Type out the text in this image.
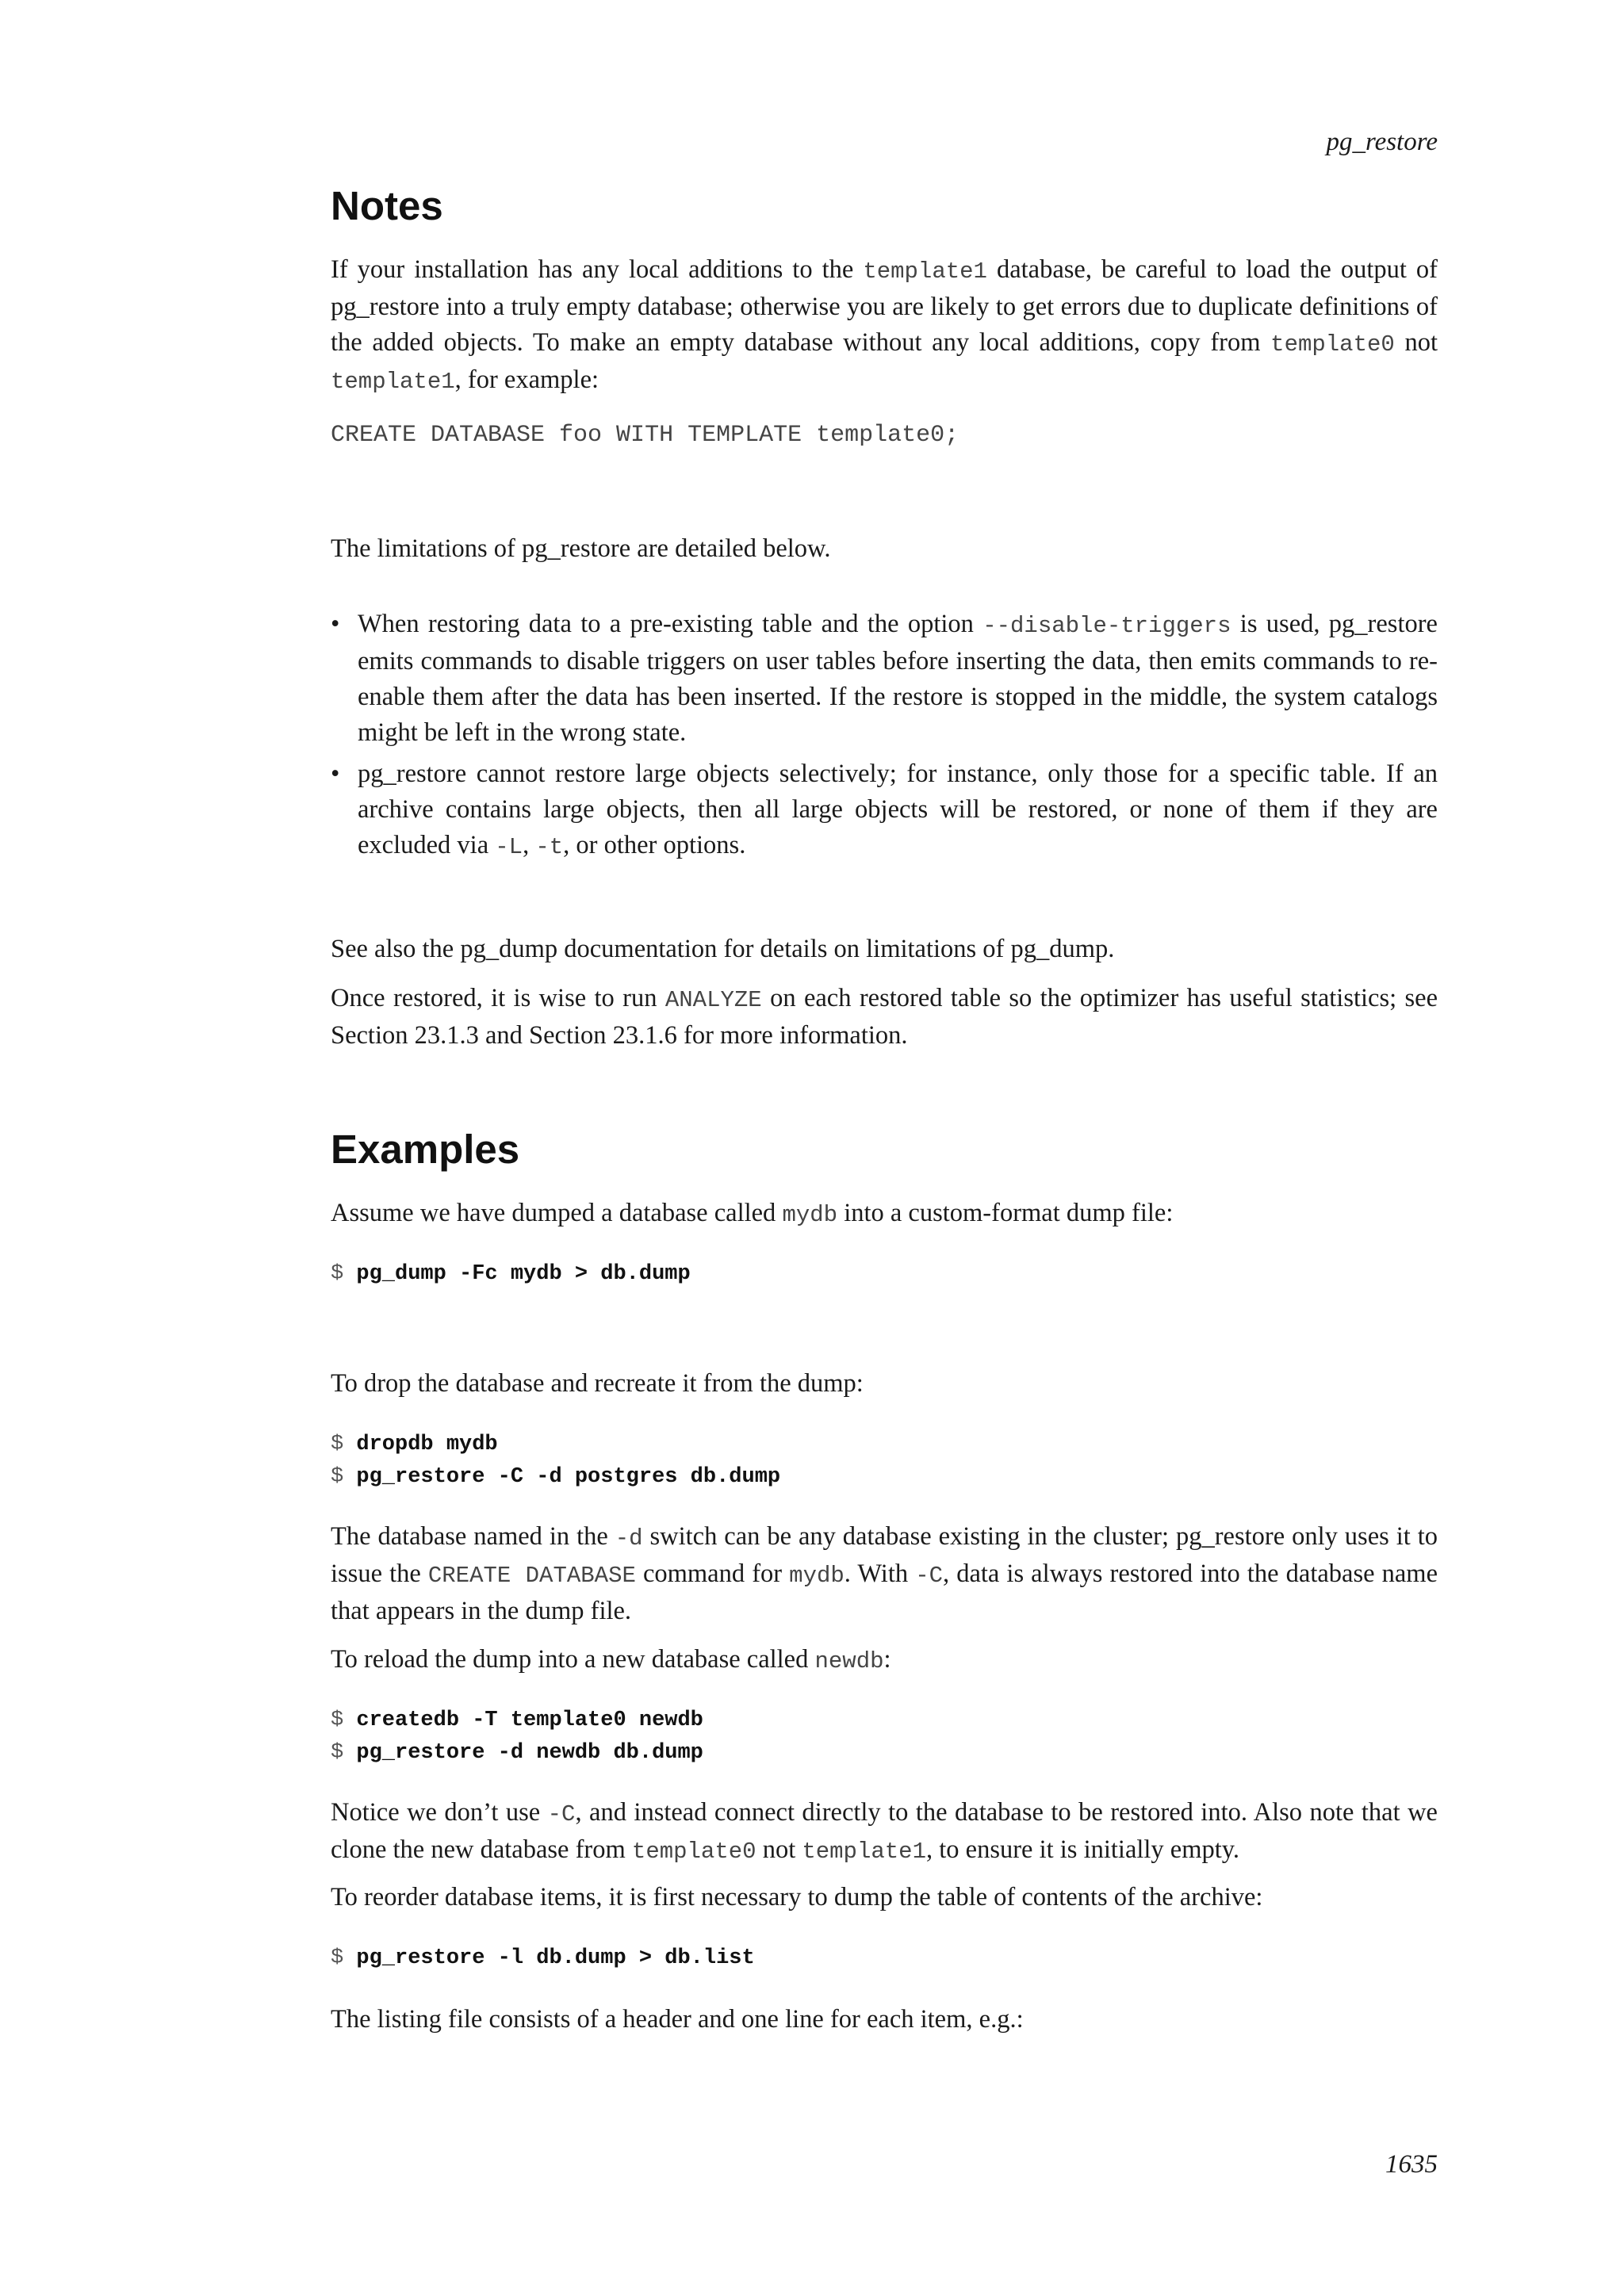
pg_restore
Notes

If your installation has any local additions to the template1 database, be careful to load the output of pg_restore into a truly empty database; otherwise you are likely to get errors due to duplicate definitions of the added objects. To make an empty database without any local additions, copy from template0 not template1, for example:

CREATE DATABASE foo WITH TEMPLATE template0;

The limitations of pg_restore are detailed below.

• When restoring data to a pre-existing table and the option --disable-triggers is used, pg_restore emits commands to disable triggers on user tables before inserting the data, then emits commands to re-enable them after the data has been inserted. If the restore is stopped in the middle, the system catalogs might be left in the wrong state.
• pg_restore cannot restore large objects selectively; for instance, only those for a specific table. If an archive contains large objects, then all large objects will be restored, or none of them if they are excluded via -L, -t, or other options.

See also the pg_dump documentation for details on limitations of pg_dump.

Once restored, it is wise to run ANALYZE on each restored table so the optimizer has useful statistics; see Section 23.1.3 and Section 23.1.6 for more information.

Examples

Assume we have dumped a database called mydb into a custom-format dump file:

$ pg_dump -Fc mydb > db.dump

To drop the database and recreate it from the dump:

$ dropdb mydb
$ pg_restore -C -d postgres db.dump

The database named in the -d switch can be any database existing in the cluster; pg_restore only uses it to issue the CREATE DATABASE command for mydb. With -C, data is always restored into the database name that appears in the dump file.

To reload the dump into a new database called newdb:

$ createdb -T template0 newdb
$ pg_restore -d newdb db.dump

Notice we don’t use -C, and instead connect directly to the database to be restored into. Also note that we clone the new database from template0 not template1, to ensure it is initially empty.

To reorder database items, it is first necessary to dump the table of contents of the archive:

$ pg_restore -l db.dump > db.list

The listing file consists of a header and one line for each item, e.g.:

1635
